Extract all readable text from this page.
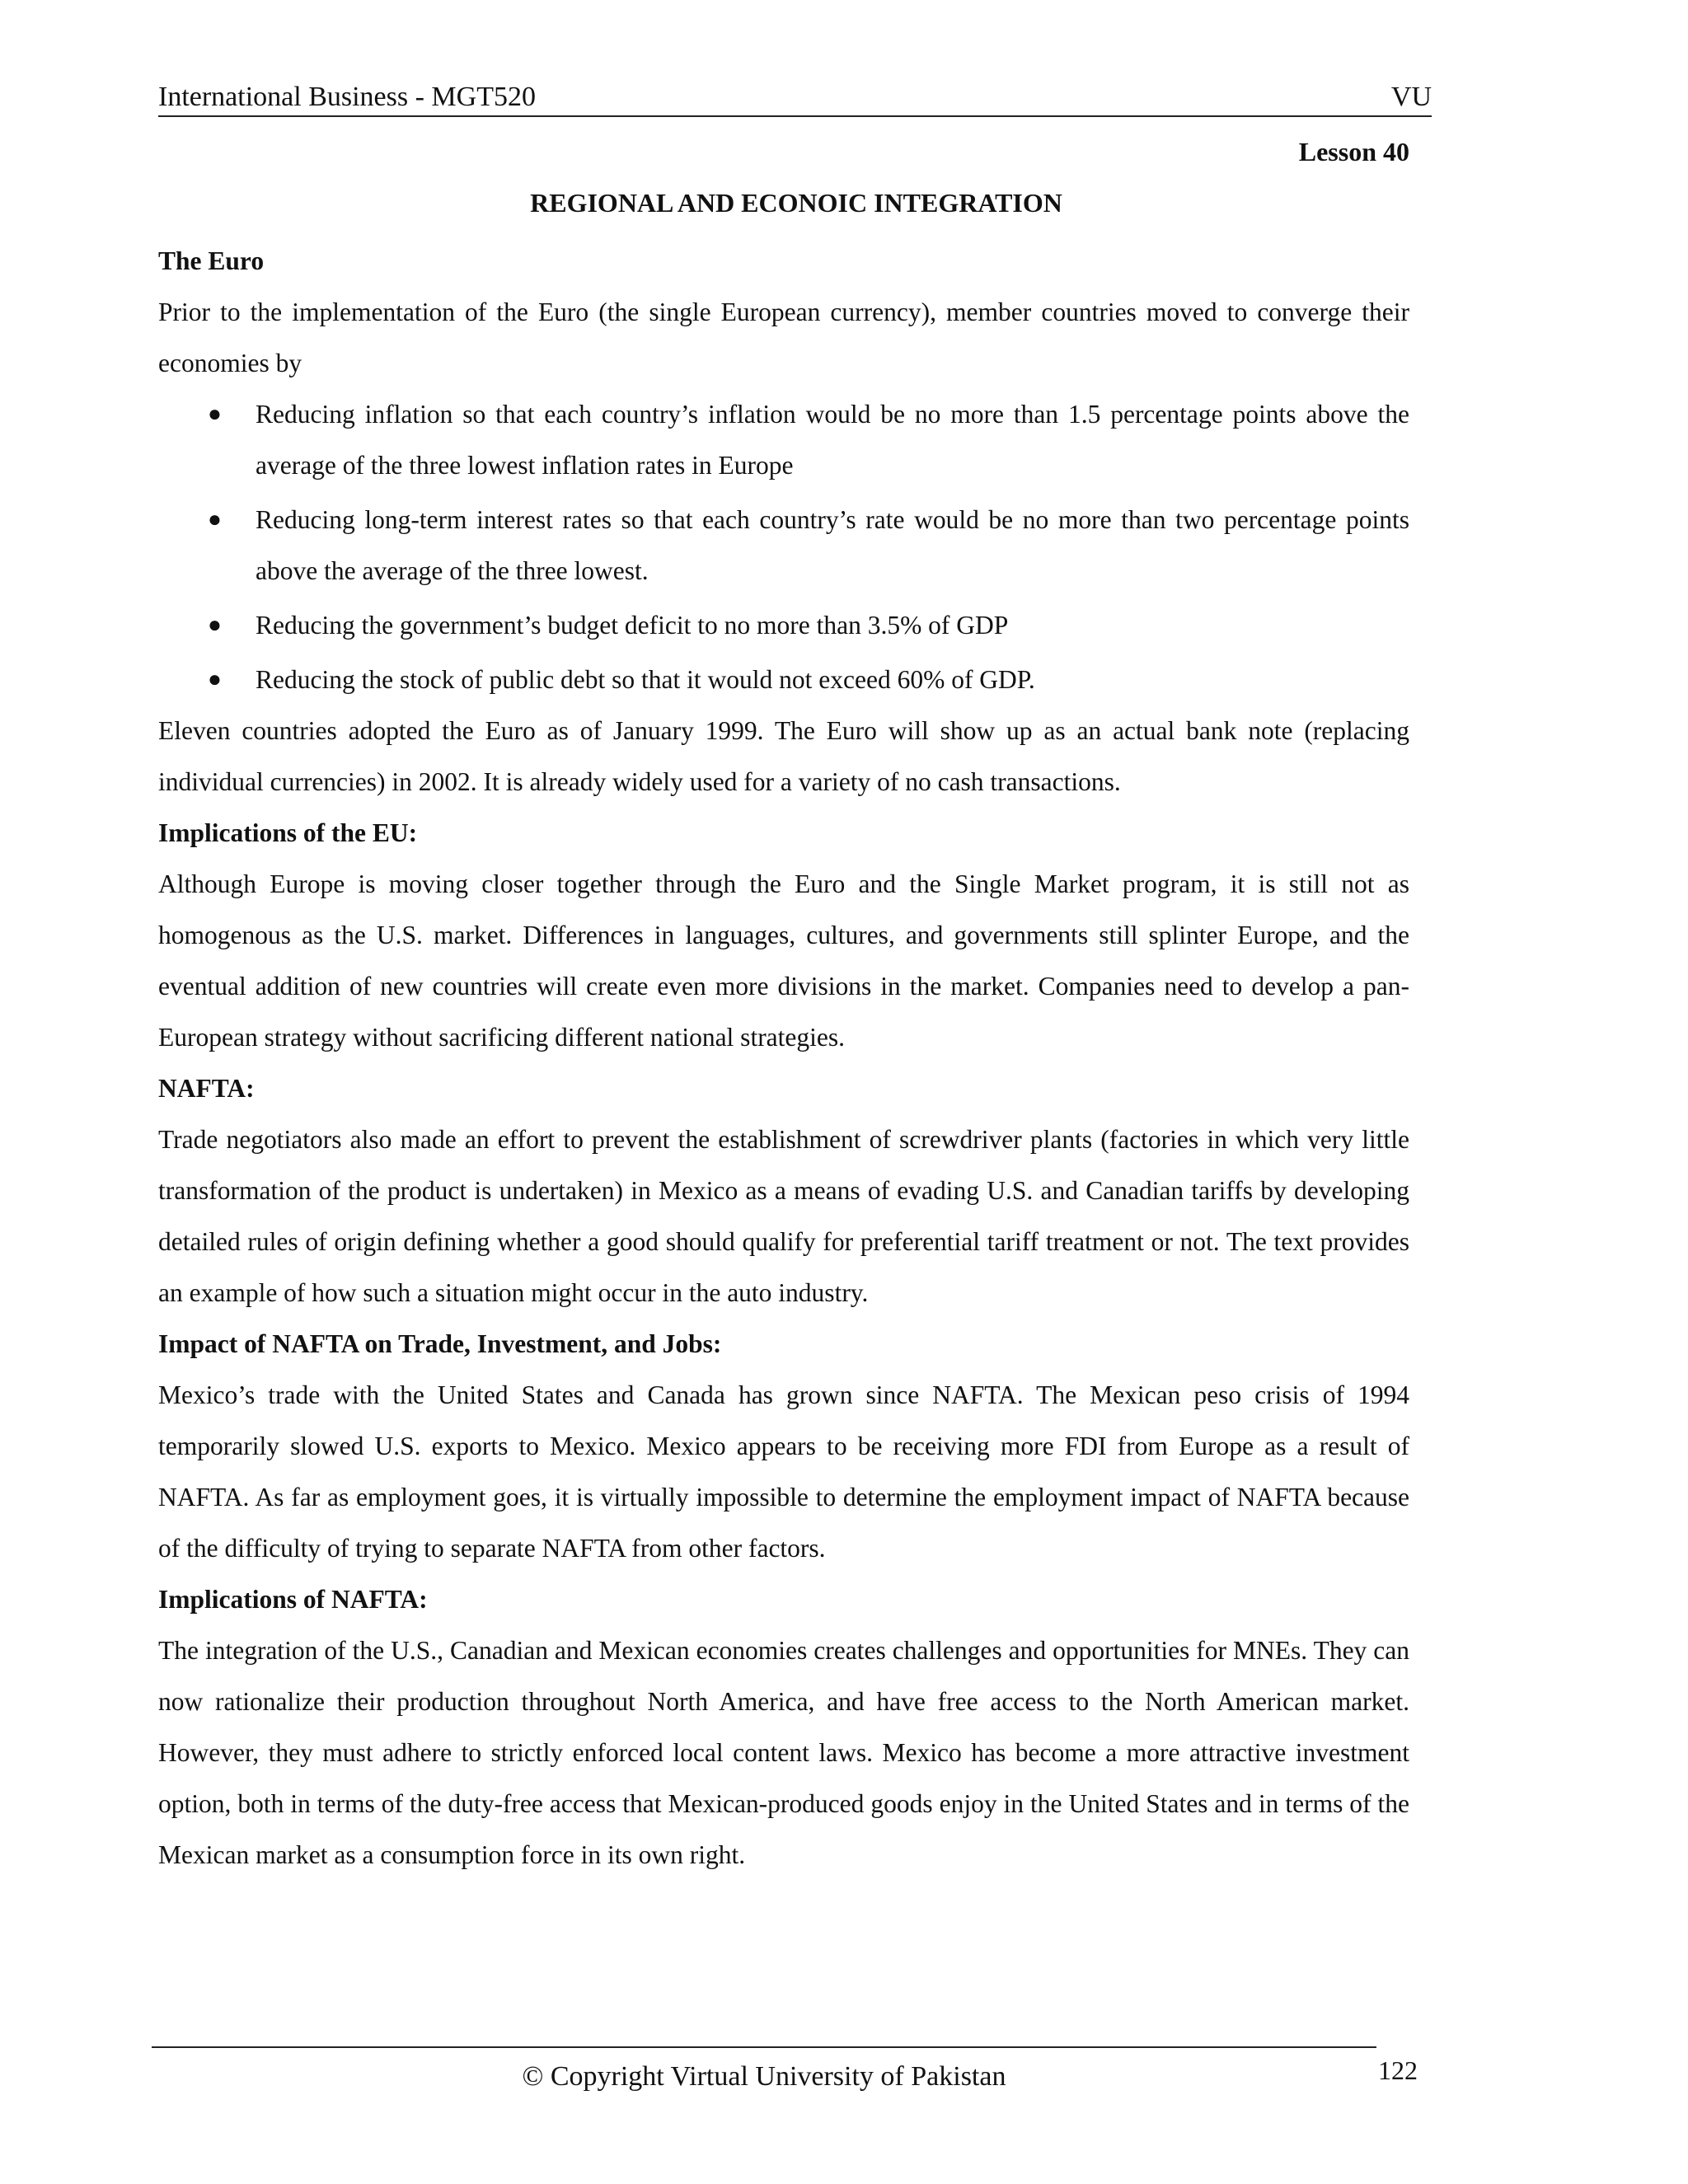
International Business - MGT520	VU
Lesson 40
REGIONAL AND ECONOIC INTEGRATION
The Euro

Prior to the implementation of the Euro (the single European currency), member countries moved to converge their economies by

● Reducing inflation so that each country’s inflation would be no more than 1.5 percentage points above the average of the three lowest inflation rates in Europe
● Reducing long-term interest rates so that each country’s rate would be no more than two percentage points above the average of the three lowest.
● Reducing the government’s budget deficit to no more than 3.5% of GDP
● Reducing the stock of public debt so that it would not exceed 60% of GDP.

Eleven countries adopted the Euro as of January 1999. The Euro will show up as an actual bank note (replacing individual currencies) in 2002. It is already widely used for a variety of no cash transactions.

Implications of the EU:

Although Europe is moving closer together through the Euro and the Single Market program, it is still not as homogenous as the U.S. market. Differences in languages, cultures, and governments still splinter Europe, and the eventual addition of new countries will create even more divisions in the market. Companies need to develop a pan-European strategy without sacrificing different national strategies.

NAFTA:

Trade negotiators also made an effort to prevent the establishment of screwdriver plants (factories in which very little transformation of the product is undertaken) in Mexico as a means of evading U.S. and Canadian tariffs by developing detailed rules of origin defining whether a good should qualify for preferential tariff treatment or not. The text provides an example of how such a situation might occur in the auto industry.

Impact of NAFTA on Trade, Investment, and Jobs:

Mexico’s trade with the United States and Canada has grown since NAFTA. The Mexican peso crisis of 1994 temporarily slowed U.S. exports to Mexico. Mexico appears to be receiving more FDI from Europe as a result of NAFTA. As far as employment goes, it is virtually impossible to determine the employment impact of NAFTA because of the difficulty of trying to separate NAFTA from other factors.

Implications of NAFTA:

The integration of the U.S., Canadian and Mexican economies creates challenges and opportunities for MNEs. They can now rationalize their production throughout North America, and have free access to the North American market. However, they must adhere to strictly enforced local content laws. Mexico has become a more attractive investment option, both in terms of the duty-free access that Mexican-produced goods enjoy in the United States and in terms of the Mexican market as a consumption force in its own right.

© Copyright Virtual University of Pakistan	122
